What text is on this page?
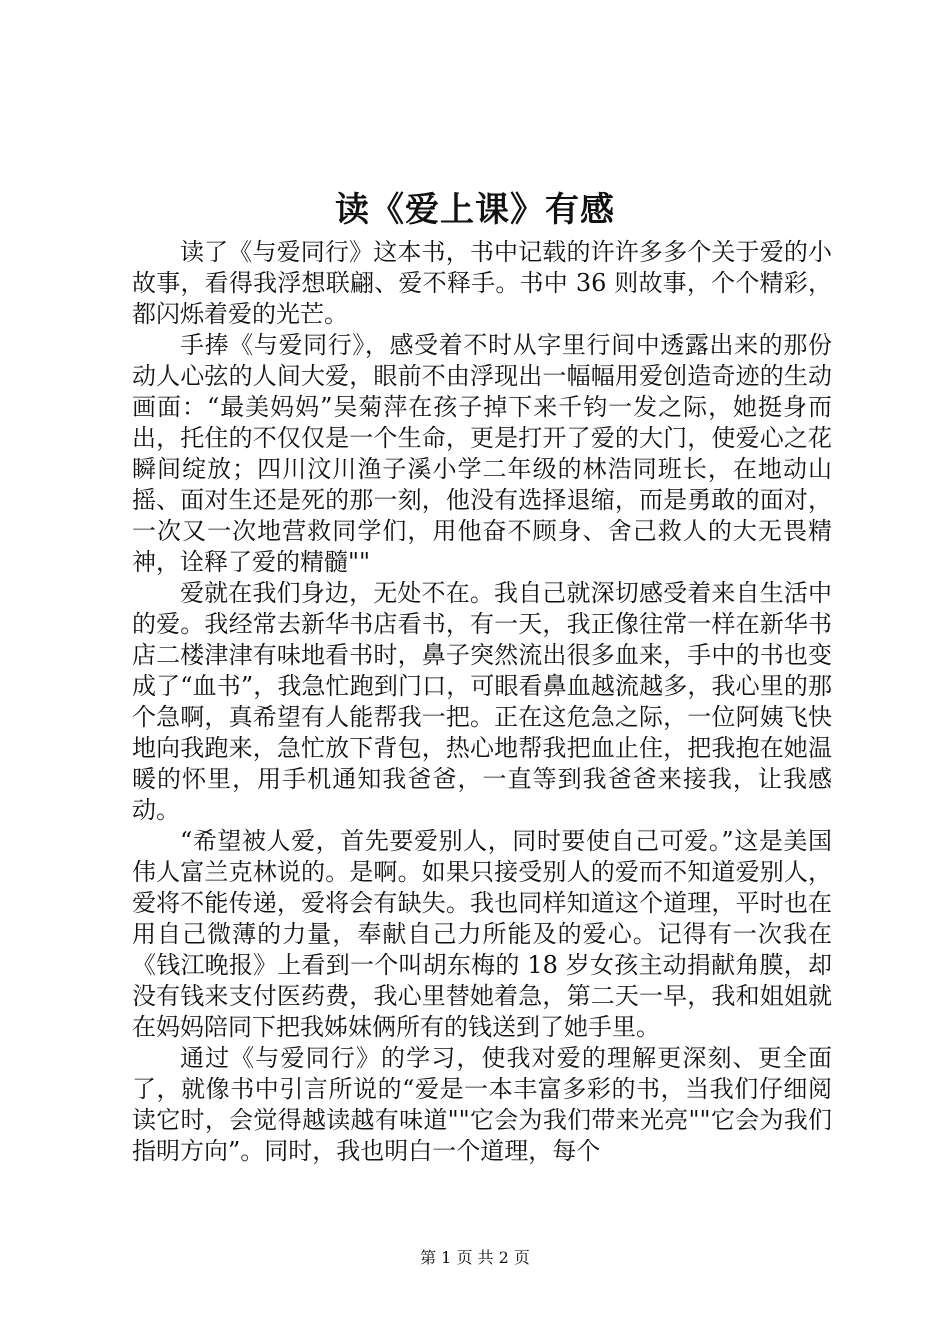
读《爱上课》有感

读了《与爱同行》这本书，书中记载的许许多多个关于爱的小故事，看得我浮想联翩、爱不释手。书中 36 则故事，个个精彩，都闪烁着爱的光芒。

手捧《与爱同行》，感受着不时从字里行间中透露出来的那份动人心弦的人间大爱，眼前不由浮现出一幅幅用爱创造奇迹的生动画面：“最美妈妈”吴菊萍在孩子掉下来千钧一发之际，她挺身而出，托住的不仅仅是一个生命，更是打开了爱的大门，使爱心之花瞬间绽放；四川汶川渔子溪小学二年级的林浩同班长，在地动山摇、面对生还是死的那一刻，他没有选择退缩，而是勇敢的面对，一次又一次地营救同学们，用他奋不顾身、舍己救人的大无畏精神，诠释了爱的精髓""

爱就在我们身边，无处不在。我自己就深切感受着来自生活中的爱。我经常去新华书店看书，有一天，我正像往常一样在新华书店二楼津津有味地看书时，鼻子突然流出很多血来，手中的书也变成了“血书”，我急忙跑到门口，可眼看鼻血越流越多，我心里的那个急啊，真希望有人能帮我一把。正在这危急之际，一位阿姨飞快地向我跑来，急忙放下背包，热心地帮我把血止住，把我抱在她温暖的怀里，用手机通知我爸爸，一直等到我爸爸来接我，让我感动。

“希望被人爱，首先要爱别人，同时要使自己可爱。”这是美国伟人富兰克林说的。是啊。如果只接受别人的爱而不知道爱别人，爱将不能传递，爱将会有缺失。我也同样知道这个道理，平时也在用自己微薄的力量，奉献自己力所能及的爱心。记得有一次我在《钱江晚报》上看到一个叫胡东梅的 18 岁女孩主动捐献角膜，却没有钱来支付医药费，我心里替她着急，第二天一早，我和姐姐就在妈妈陪同下把我姊妹俩所有的钱送到了她手里。

通过《与爱同行》的学习，使我对爱的理解更深刻、更全面了，就像书中引言所说的“爱是一本丰富多彩的书，当我们仔细阅读它时，会觉得越读越有味道""它会为我们带来光亮""它会为我们指明方向”。同时，我也明白一个道理，每个

第 1 页 共 2 页
